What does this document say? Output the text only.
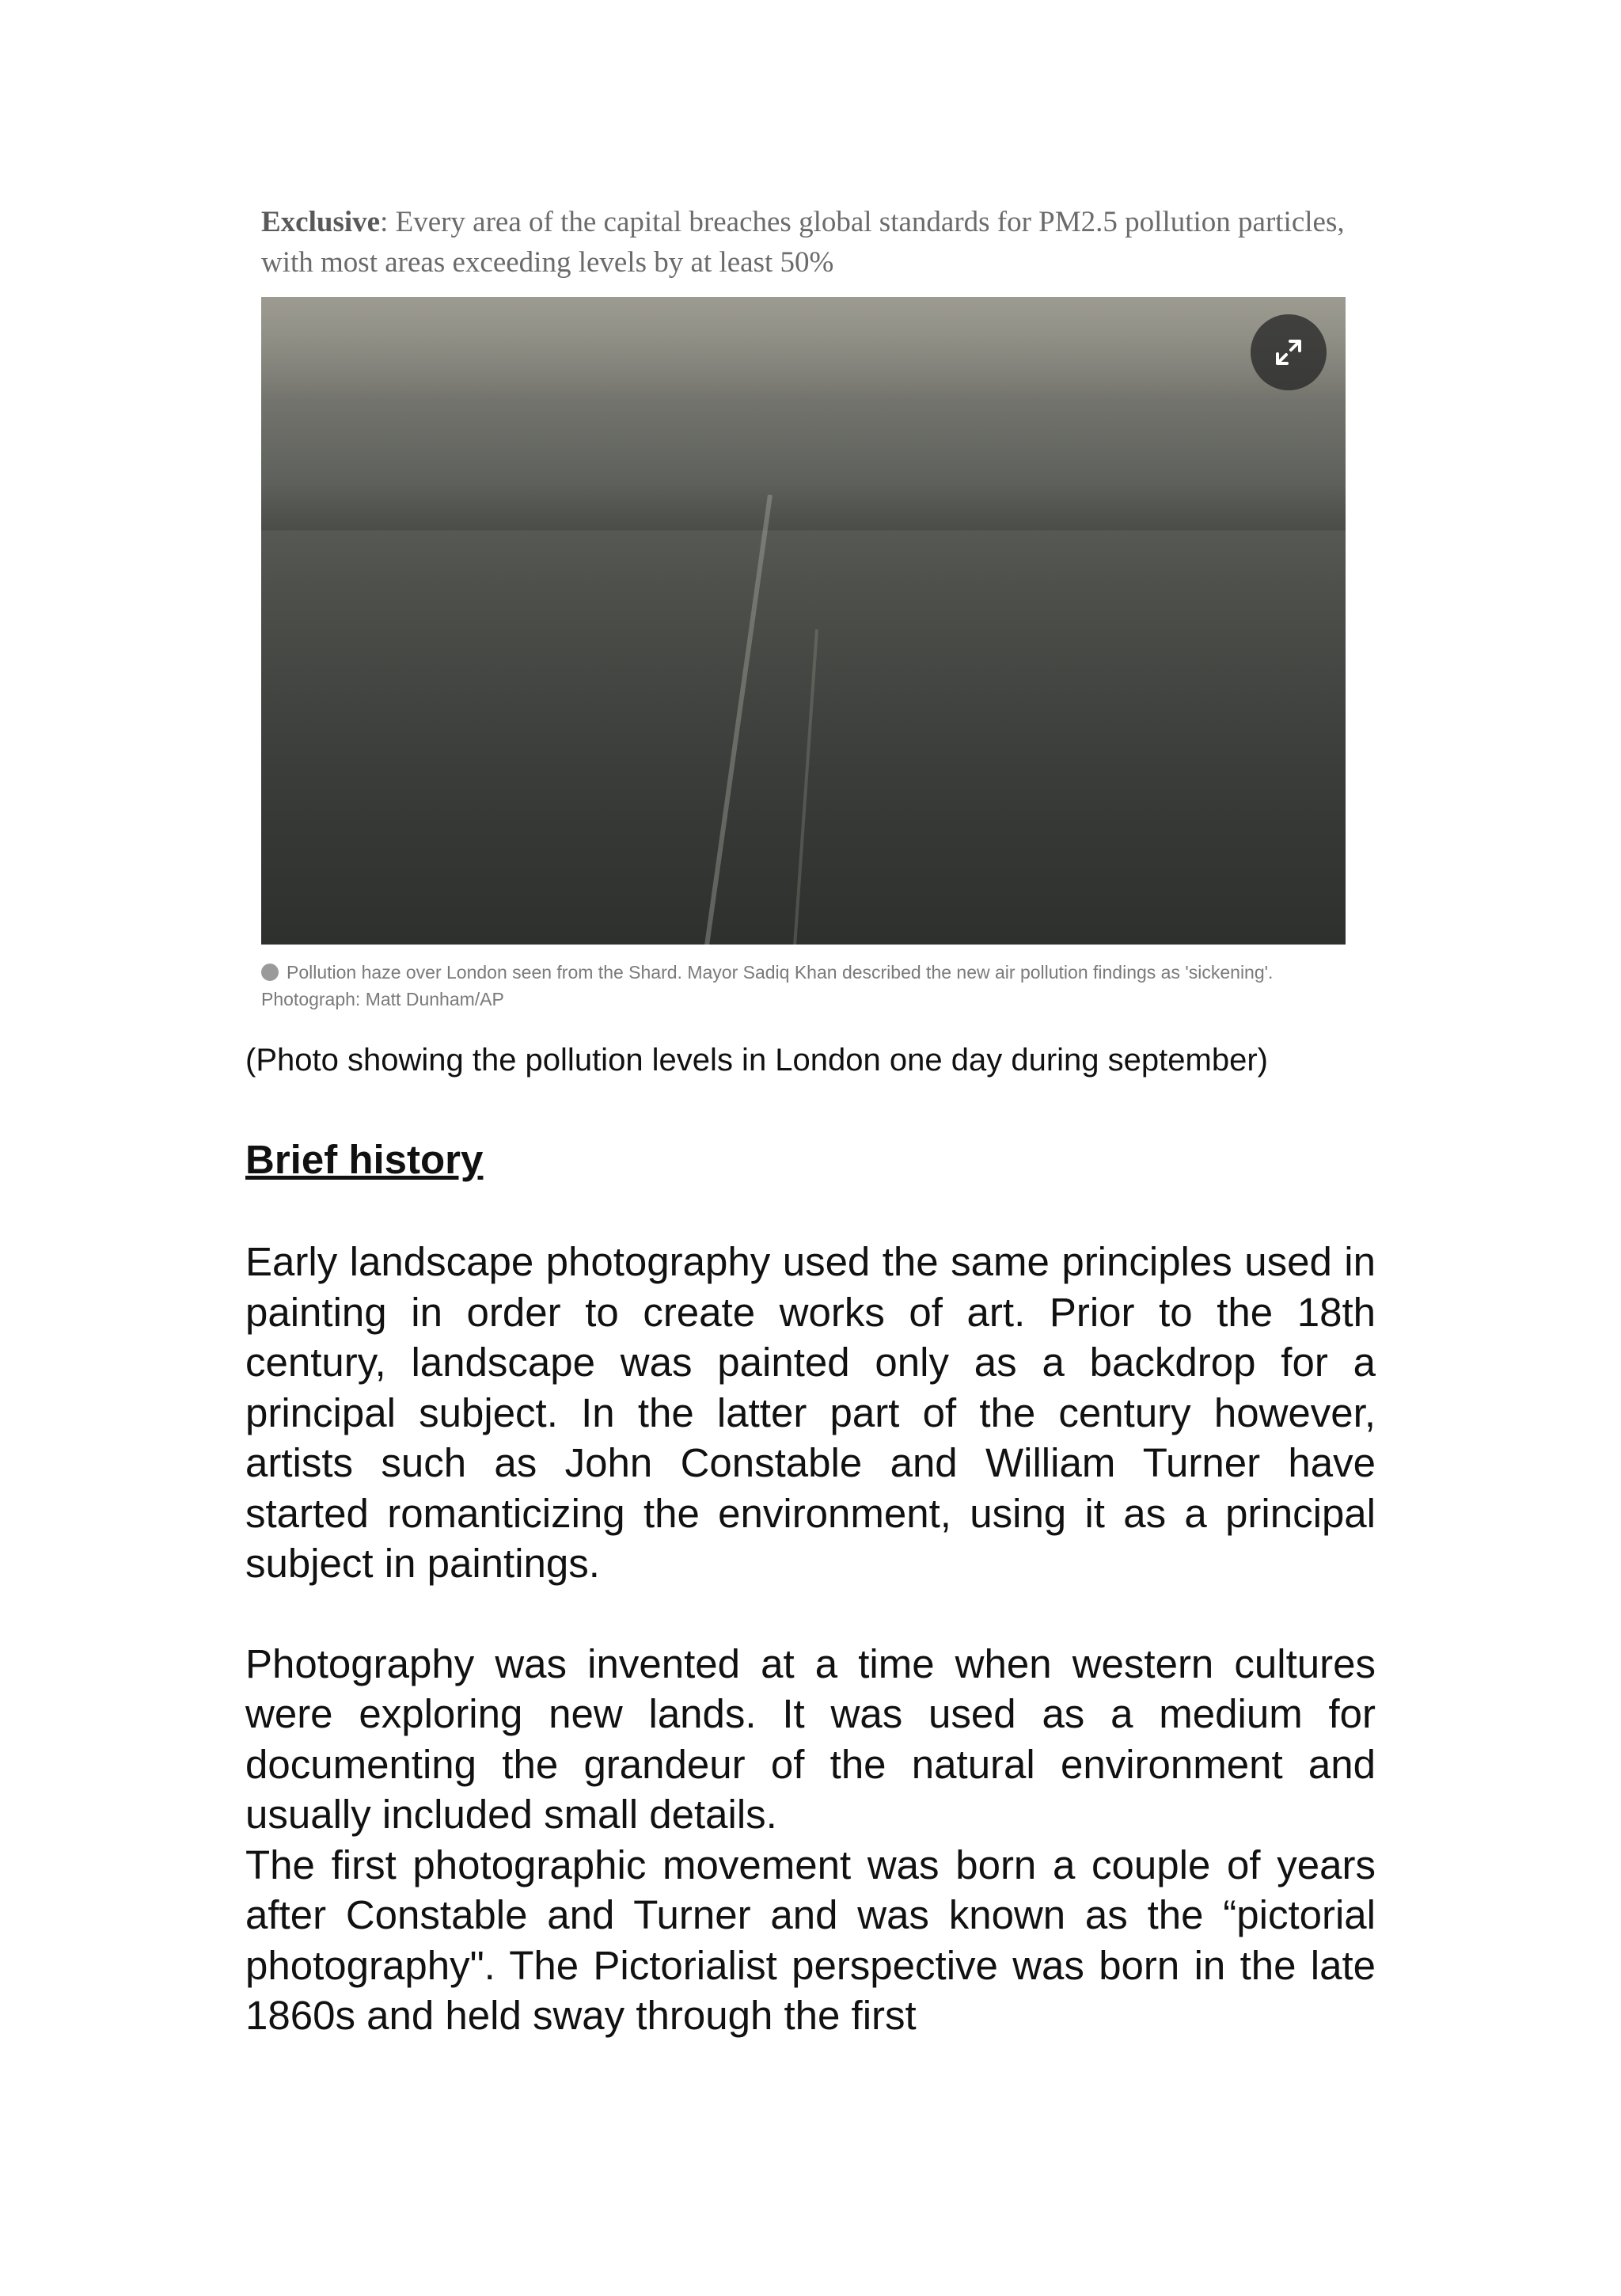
Exclusive: Every area of the capital breaches global standards for PM2.5 pollution particles, with most areas exceeding levels by at least 50%
Pollution haze over London seen from the Shard. Mayor Sadiq Khan described the new air pollution findings as 'sickening'. Photograph: Matt Dunham/AP

(Photo showing the pollution levels in London one day during september)

Brief history

Early landscape photography used the same principles used in painting in order to create works of art. Prior to the 18th century, landscape was painted only as a backdrop for a principal subject. In the latter part of the century however, artists such as John Constable and William Turner have started romanticizing the environment, using it as a principal subject in paintings.

Photography was invented at a time when western cultures were exploring new lands. It was used as a medium for documenting the grandeur of the natural environment and usually included small details.

The first photographic movement was born a couple of years after Constable and Turner and was known as the “pictorial photography". The Pictorialist perspective was born in the late 1860s and held sway through the first
